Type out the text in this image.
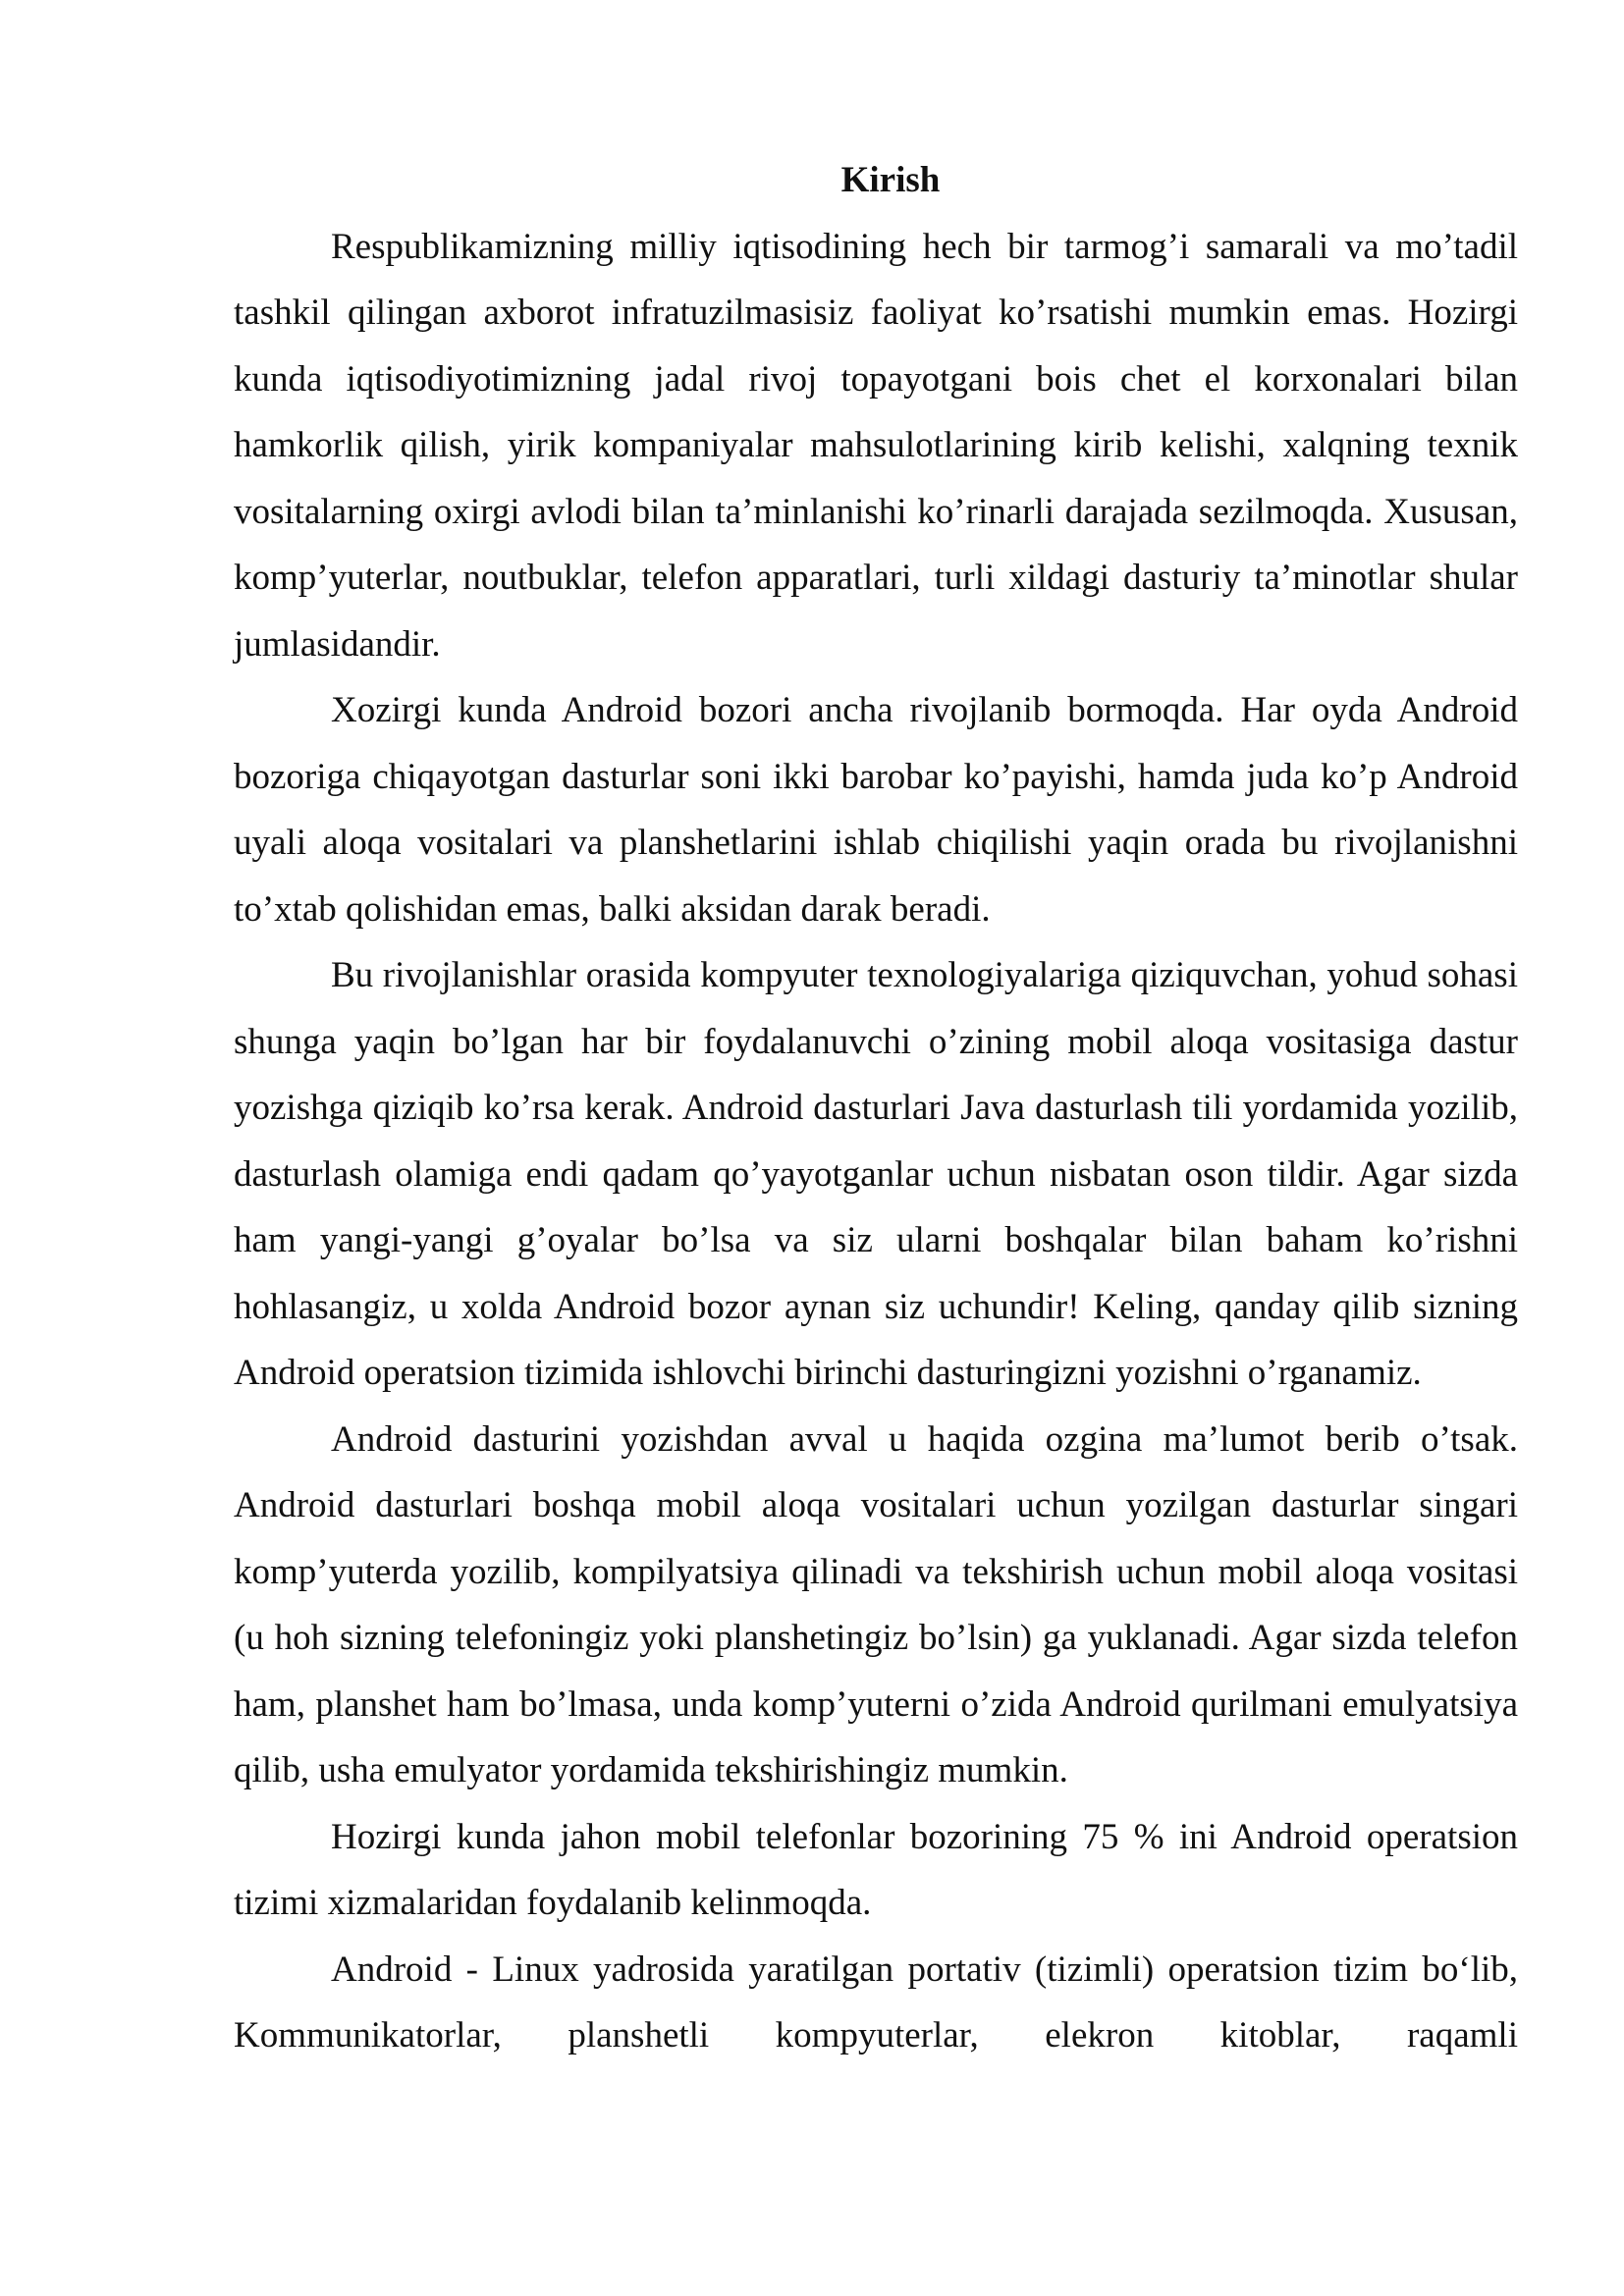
Kirish

Respublikamizning milliy iqtisodining hech bir tarmog’i samarali va mo’tadil tashkil qilingan axborot infratuzilmasisiz faoliyat ko’rsatishi mumkin emas. Hozirgi kunda iqtisodiyotimizning jadal rivoj topayotgani bois chet el korxonalari bilan hamkorlik qilish, yirik kompaniyalar mahsulotlarining kirib kelishi, xalqning texnik vositalarning oxirgi avlodi bilan ta’minlanishi ko’rinarli darajada sezilmoqda. Xususan, komp’yuterlar, noutbuklar, telefon apparatlari, turli xildagi dasturiy ta’minotlar shular jumlasidandir.

Xozirgi kunda Android bozori ancha rivojlanib bormoqda. Har oyda Android bozoriga chiqayotgan dasturlar soni ikki barobar ko’payishi, hamda juda ko’p Android uyali aloqa vositalari va planshetlarini ishlab chiqilishi yaqin orada bu rivojlanishni to’xtab qolishidan emas, balki aksidan darak beradi.

Bu rivojlanishlar orasida kompyuter texnologiyalariga qiziquvchan, yohud sohasi shunga yaqin bo’lgan har bir foydalanuvchi o’zining mobil aloqa vositasiga dastur yozishga qiziqib ko’rsa kerak. Android dasturlari Java dasturlash tili yordamida yozilib, dasturlash olamiga endi qadam qo’yayotganlar uchun nisbatan oson tildir. Agar sizda ham yangi-yangi g’oyalar bo’lsa va siz ularni boshqalar bilan baham ko’rishni hohlasangiz, u xolda Android bozor aynan siz uchundir! Keling, qanday qilib sizning Android operatsion tizimida ishlovchi birinchi dasturingizni yozishni o’rganamiz.

Android dasturini yozishdan avval u haqida ozgina ma’lumot berib o’tsak. Android dasturlari boshqa mobil aloqa vositalari uchun yozilgan dasturlar singari komp’yuterda yozilib, kompilyatsiya qilinadi va tekshirish uchun mobil aloqa vositasi (u hoh sizning telefoningiz yoki planshetingiz bo’lsin) ga yuklanadi. Agar sizda telefon ham, planshet ham bo’lmasa, unda komp’yuterni o’zida Android qurilmani emulyatsiya qilib, usha emulyator yordamida tekshirishingiz mumkin.

Hozirgi kunda jahon mobil telefonlar bozorining 75 % ini Android operatsion tizimi xizmalaridan foydalanib kelinmoqda.

Android - Linux yadrosida yaratilgan portativ (tizimli) operatsion tizim bo‘lib, Kommunikatorlar, planshetli kompyuterlar, elekron kitoblar, raqamli
